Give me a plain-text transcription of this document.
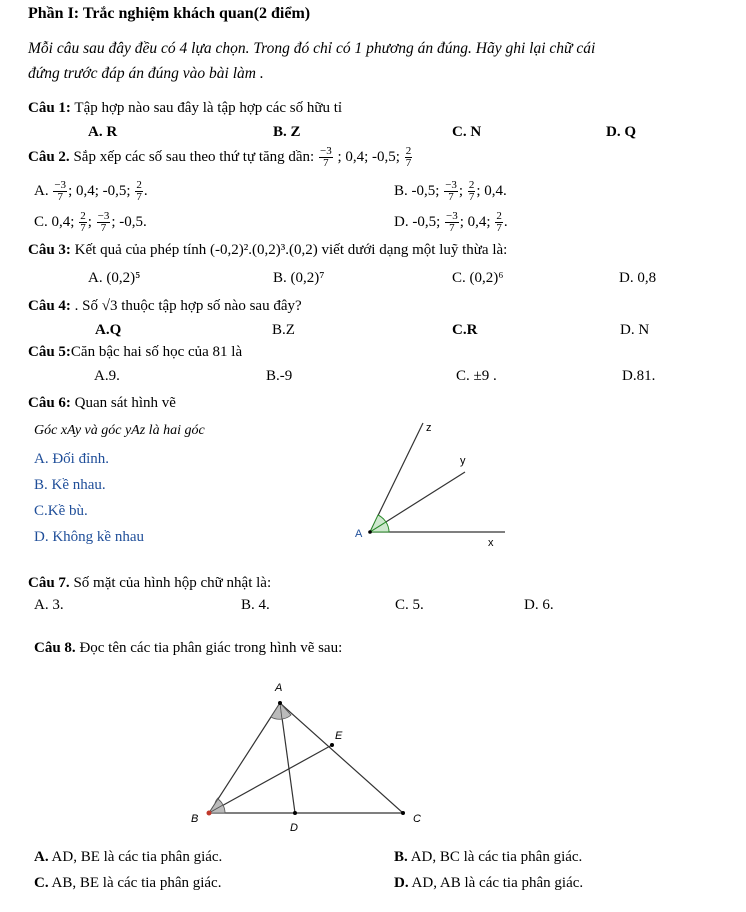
Phần I: Trắc nghiệm khách quan(2 điểm)
Mỗi câu sau đây đều có 4 lựa chọn. Trong đó chỉ có 1 phương án đúng. Hãy ghi lại chữ cái
đứng trước đáp án đúng vào bài làm .
Câu 1: Tập hợp nào sau đây là tập hợp các số hữu tỉ
A. R	B. Z	C. N	D. Q
Câu 2. Sắp xếp các số sau theo thứ tự tăng dần: $\frac{-3}{7}$ ; 0,4; -0,5; $\frac{2}{7}$
A. $\frac{-3}{7}$ ; 0,4; -0,5; $\frac{2}{7}$ .	B. -0,5; $\frac{-3}{7}$ ; $\frac{2}{7}$ ; 0,4.
C. 0,4; $\frac{2}{7}$ ; $\frac{-3}{7}$ ; -0,5.	D. -0,5; $\frac{-3}{7}$ ; 0,4; $\frac{2}{7}$ .
Câu 3: Kết quả của phép tính (-0,2)².(0,2)³.(0,2) viết dưới dạng một luỹ thừa là:
A. (0,2)⁵	B. (0,2)⁷	C. (0,2)⁶	D. 0,8
Câu 4: . Số √3 thuộc tập hợp số nào sau đây?
A.Q	B.Z	C.R	D. N
Câu 5:Căn bậc hai số học của 81 là
A.9.	B.-9	C. ±9 .	D.81.
Câu 6: Quan sát hình vẽ
Góc xAy và góc yAz là hai góc
A. Đối đỉnh.
B. Kề nhau.
C.Kề bù.
D. Không kề nhau
z
y
A
x
Câu 7. Số mặt của hình hộp chữ nhật là:
A. 3.	B. 4.	C. 5.	D. 6.
Câu 8. Đọc tên các tia phân giác trong hình vẽ sau:
A
B	C
D
E
A. AD, BE là các tia phân giác.	B. AD, BC là các tia phân giác.
C. AB, BE là các tia phân giác.	D. AD, AB là các tia phân giác.
